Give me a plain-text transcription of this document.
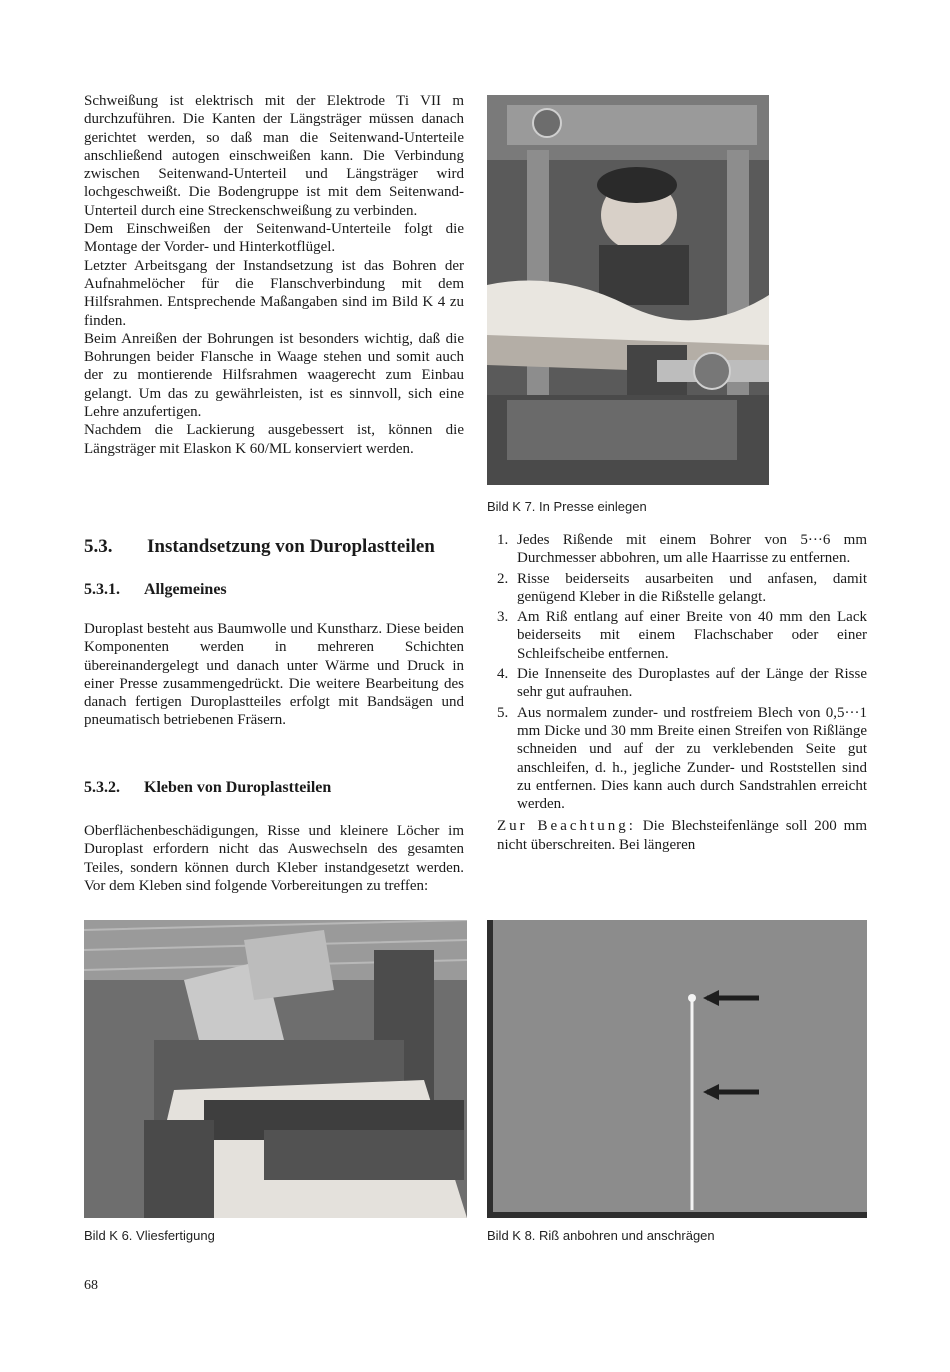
Schweißung ist elektrisch mit der Elektrode Ti VII m durchzuführen. Die Kanten der Längsträger müssen danach gerichtet werden, so daß man die Seitenwand-Unterteile anschließend autogen einschweißen kann. Die Verbindung zwischen Seitenwand-Unterteil und Längsträger wird lochgeschweißt. Die Bodengruppe ist mit dem Seitenwand-Unterteil durch eine Streckenschweißung zu verbinden.

Dem Einschweißen der Seitenwand-Unterteile folgt die Montage der Vorder- und Hinterkotflügel.

Letzter Arbeitsgang der Instandsetzung ist das Bohren der Aufnahmelöcher für die Flanschverbindung mit dem Hilfsrahmen. Entsprechende Maßangaben sind im Bild K 4 zu finden.

Beim Anreißen der Bohrungen ist besonders wichtig, daß die Bohrungen beider Flansche in Waage stehen und somit auch der zu montierende Hilfsrahmen waagerecht zum Einbau gelangt. Um das zu gewährleisten, ist es sinnvoll, sich eine Lehre anzufertigen.

Nachdem die Lackierung ausgebessert ist, können die Längsträger mit Elaskon K 60/ML konserviert werden.

5.3. Instandsetzung von Duroplastteilen
5.3.1. Allgemeines

Duroplast besteht aus Baumwolle und Kunstharz. Diese beiden Komponenten werden in mehreren Schichten übereinandergelegt und danach unter Wärme und Druck in einer Presse zusammengedrückt. Die weitere Bearbeitung des danach fertigen Duroplastteiles erfolgt mit Bandsägen und pneumatisch betriebenen Fräsern.

5.3.2. Kleben von Duroplastteilen

Oberflächenbeschädigungen, Risse und kleinere Löcher im Duroplast erfordern nicht das Auswechseln des gesamten Teiles, sondern können durch Kleber instandgesetzt werden. Vor dem Kleben sind folgende Vorbereitungen zu treffen:

Bild K 7. In Presse einlegen
1. Jedes Rißende mit einem Bohrer von 5···6 mm Durchmesser abbohren, um alle Haarrisse zu entfernen.
2. Risse beiderseits ausarbeiten und anfasen, damit genügend Kleber in die Rißstelle gelangt.
3. Am Riß entlang auf einer Breite von 40 mm den Lack beiderseits mit einem Flachschaber oder einer Schleifscheibe entfernen.
4. Die Innenseite des Duroplastes auf der Länge der Risse sehr gut aufrauhen.
5. Aus normalem zunder- und rostfreiem Blech von 0,5···1 mm Dicke und 30 mm Breite einen Streifen von Rißlänge schneiden und auf der zu verklebenden Seite gut anschleifen, d. h., jegliche Zunder- und Roststellen sind zu entfernen. Dies kann auch durch Sandstrahlen erreicht werden.

Zur Beachtung: Die Blechsteifenlänge soll 200 mm nicht überschreiten. Bei längeren

Bild K 6. Vliesfertigung	Bild K 8. Riß anbohren und anschrägen
68
